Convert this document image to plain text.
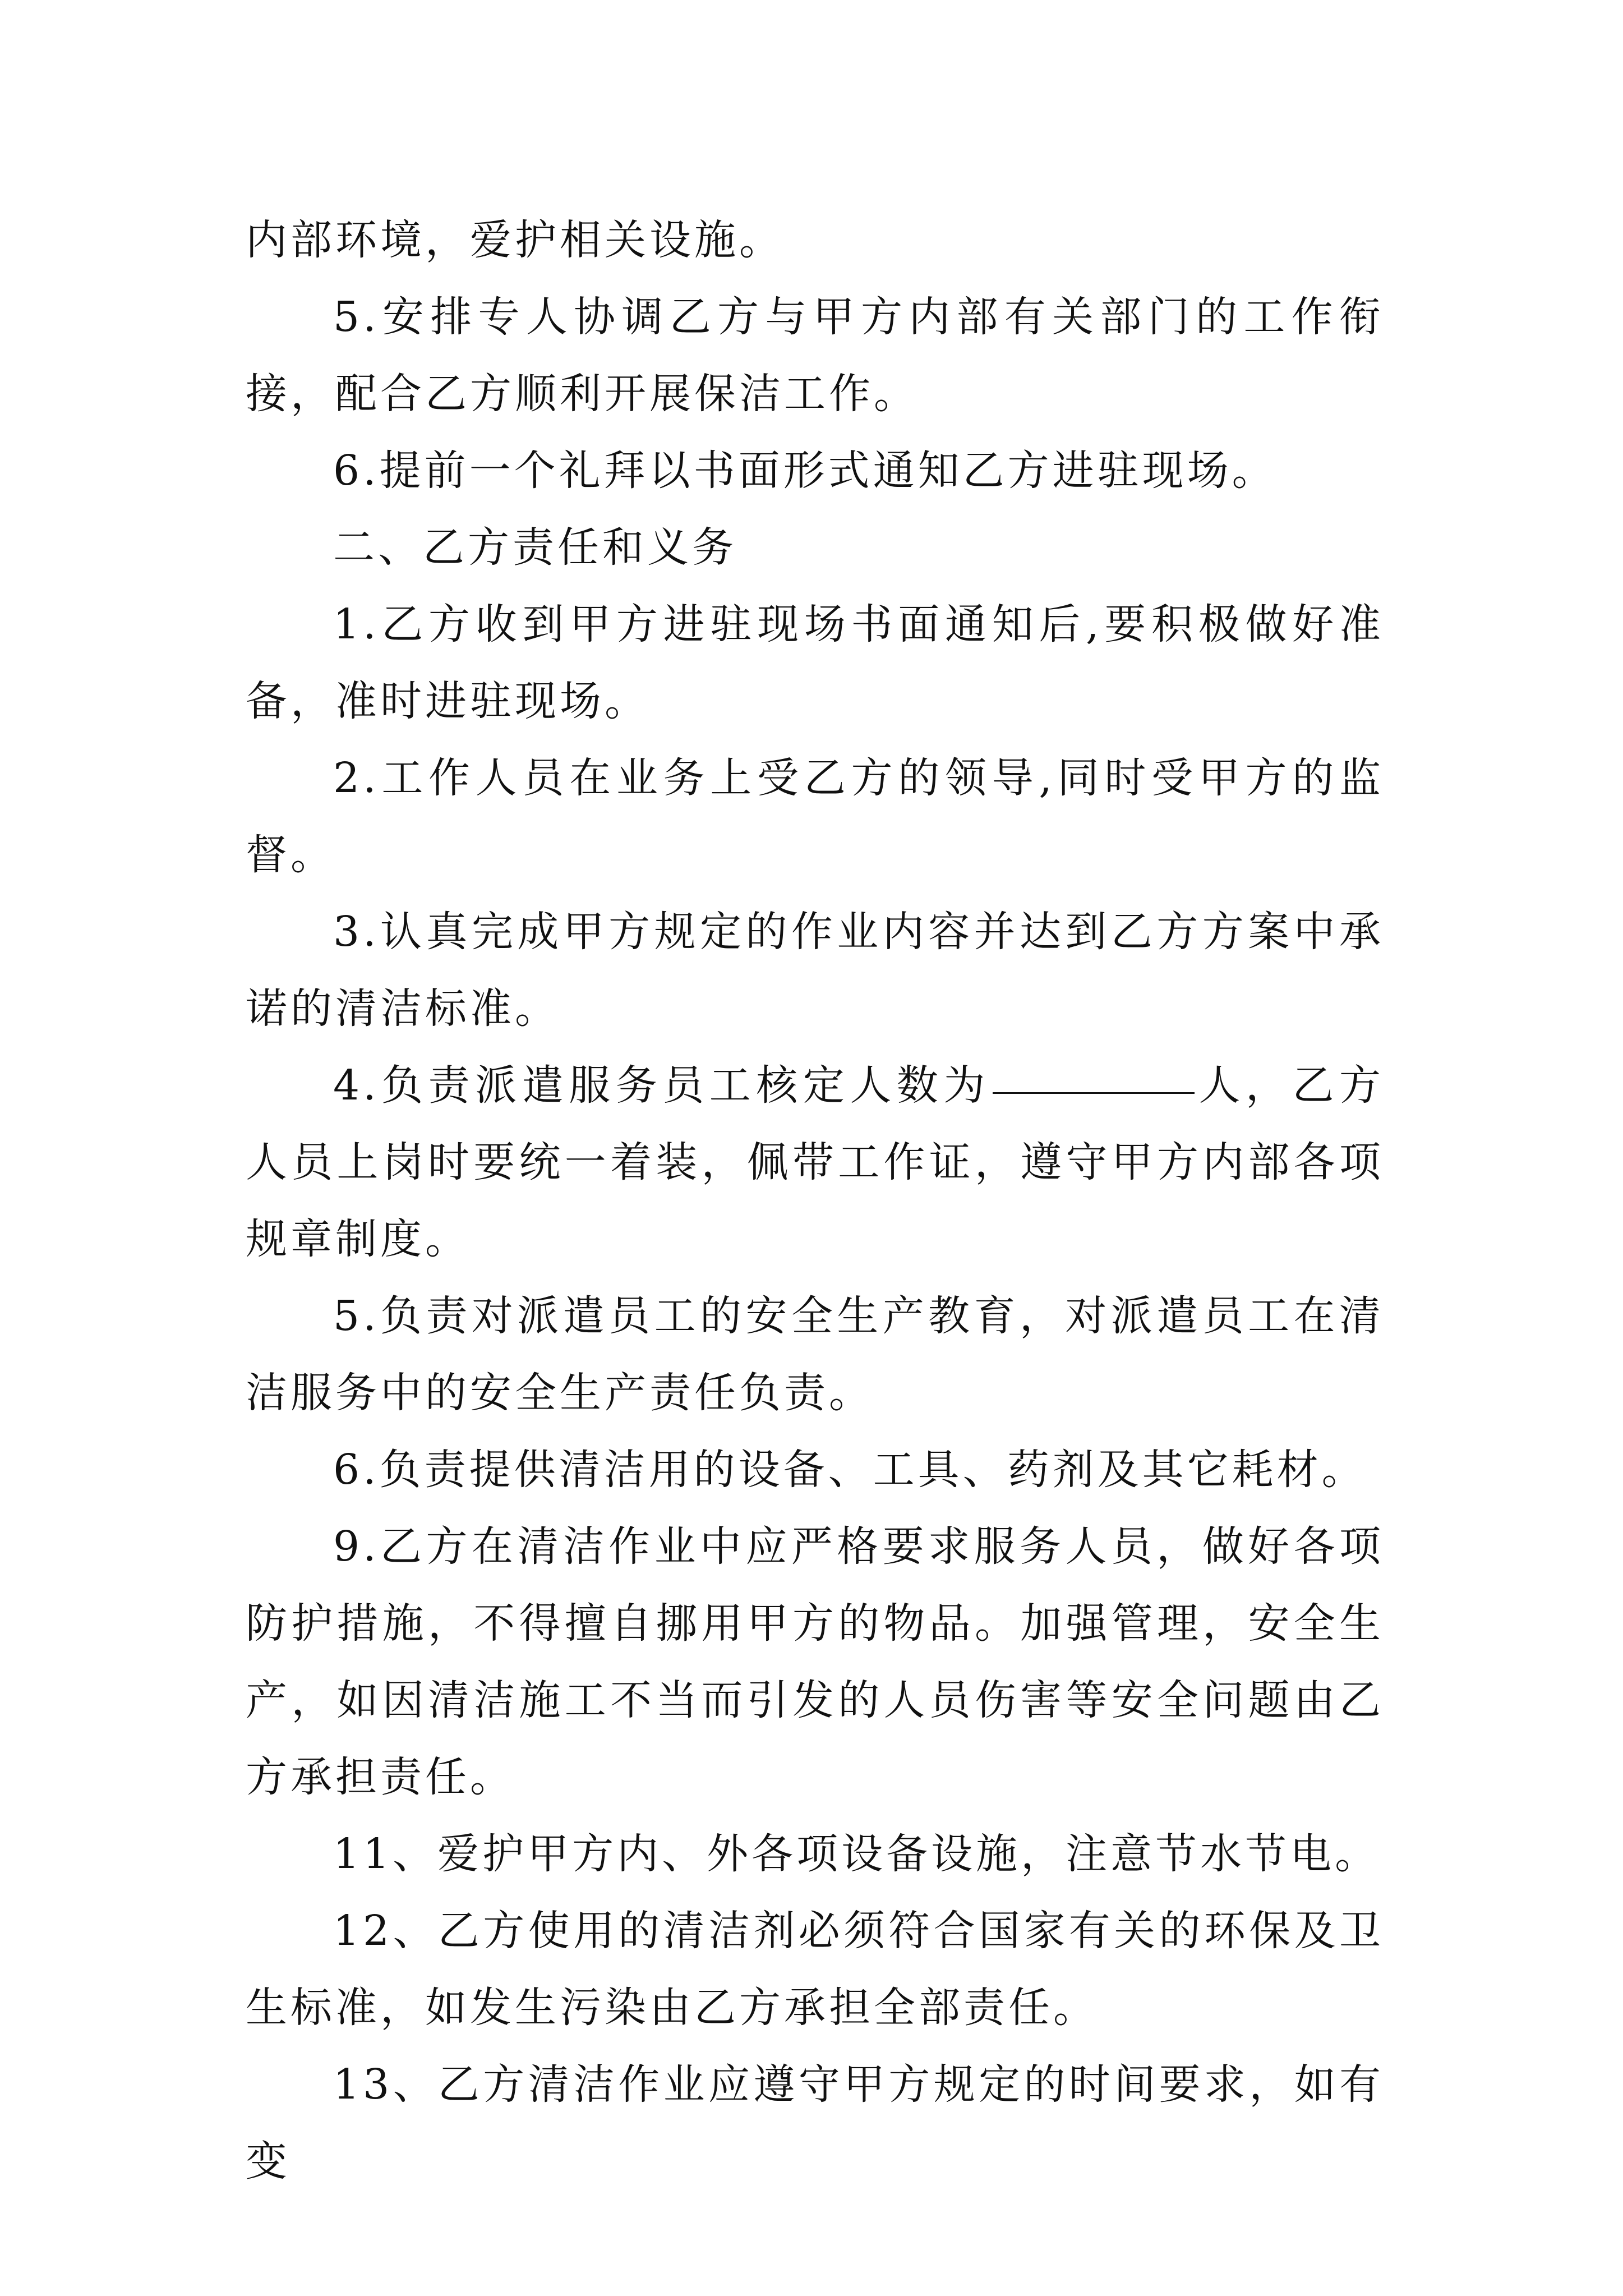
内部环境，爱护相关设施。

5.安排专人协调乙方与甲方内部有关部门的工作衔接，配合乙方顺利开展保洁工作。

6.提前一个礼拜以书面形式通知乙方进驻现场。

二、乙方责任和义务

1.乙方收到甲方进驻现场书面通知后,要积极做好准备，准时进驻现场。

2.工作人员在业务上受乙方的领导,同时受甲方的监督。

3.认真完成甲方规定的作业内容并达到乙方方案中承诺的清洁标准。

4.负责派遣服务员工核定人数为	人，乙方人员上岗时要统一着装，佩带工作证，遵守甲方内部各项规章制度。

5.负责对派遣员工的安全生产教育，对派遣员工在清洁服务中的安全生产责任负责。

6.负责提供清洁用的设备、工具、药剂及其它耗材。

9.乙方在清洁作业中应严格要求服务人员，做好各项防护措施，不得擅自挪用甲方的物品。加强管理，安全生产，如因清洁施工不当而引发的人员伤害等安全问题由乙方承担责任。

11、爱护甲方内、外各项设备设施，注意节水节电。

12、乙方使用的清洁剂必须符合国家有关的环保及卫生标准，如发生污染由乙方承担全部责任。

13、乙方清洁作业应遵守甲方规定的时间要求，如有变
